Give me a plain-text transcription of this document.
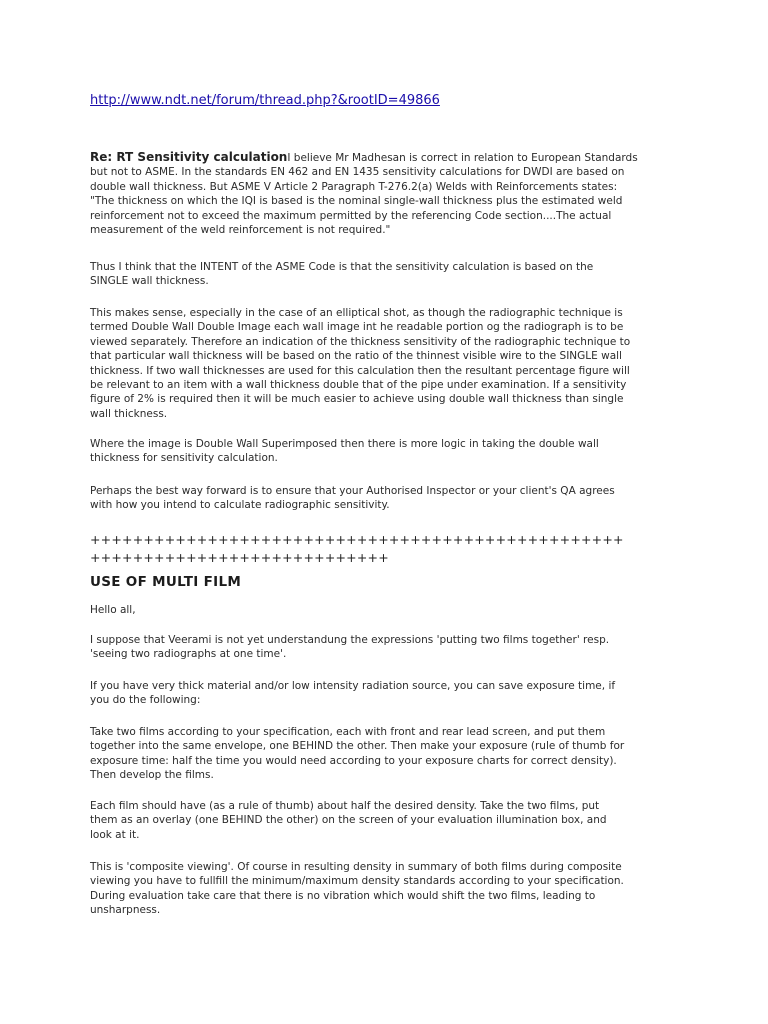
http://www.ndt.net/forum/thread.php?&rootID=49866
Re: RT Sensitivity calculationI believe Mr Madhesan is correct in relation to European Standards
but not to ASME. In the standards EN 462 and EN 1435 sensitivity calculations for DWDI are based on
double wall thickness. But ASME V Article 2 Paragraph T-276.2(a) Welds with Reinforcements states:
"The thickness on which the IQI is based is the nominal single-wall thickness plus the estimated weld
reinforcement not to exceed the maximum permitted by the referencing Code section....The actual
measurement of the weld reinforcement is not required."
Thus I think that the INTENT of the ASME Code is that the sensitivity calculation is based on the
SINGLE wall thickness.
This makes sense, especially in the case of an elliptical shot, as though the radiographic technique is
termed Double Wall Double Image each wall image int he readable portion og the radiograph is to be
viewed separately. Therefore an indication of the thickness sensitivity of the radiographic technique to
that particular wall thickness will be based on the ratio of the thinnest visible wire to the SINGLE wall
thickness. If two wall thicknesses are used for this calculation then the resultant percentage figure will
be relevant to an item with a wall thickness double that of the pipe under examination. If a sensitivity
figure of 2% is required then it will be much easier to achieve using double wall thickness than single
wall thickness.
Where the image is Double Wall Superimposed then there is more logic in taking the double wall
thickness for sensitivity calculation.
Perhaps the best way forward is to ensure that your Authorised Inspector or your client's QA agrees
with how you intend to calculate radiographic sensitivity.
++++++++++++++++++++++++++++++++++++++++++++++++++
++++++++++++++++++++++++++++
USE OF MULTI FILM
Hello all,
I suppose that Veerami is not yet understandung the expressions 'putting two films together' resp.
'seeing two radiographs at one time'.
If you have very thick material and/or low intensity radiation source, you can save exposure time, if
you do the following:
Take two films according to your specification, each with front and rear lead screen, and put them
together into the same envelope, one BEHIND the other. Then make your exposure (rule of thumb for
exposure time: half the time you would need according to your exposure charts for correct density).
Then develop the films.
Each film should have (as a rule of thumb) about half the desired density. Take the two films, put
them as an overlay (one BEHIND the other) on the screen of your evaluation illumination box, and
look at it.
This is 'composite viewing'. Of course in resulting density in summary of both films during composite
viewing you have to fullfill the minimum/maximum density standards according to your specification.
During evaluation take care that there is no vibration which would shift the two films, leading to
unsharpness.
